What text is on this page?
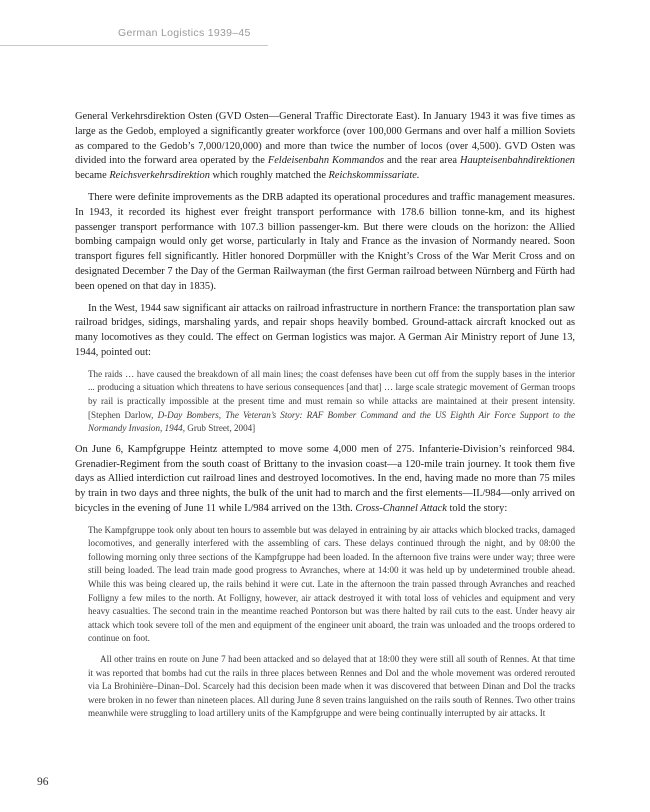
German Logistics 1939–45

General Verkehrsdirektion Osten (GVD Osten—General Traffic Directorate East). In January 1943 it was five times as large as the Gedob, employed a significantly greater workforce (over 100,000 Germans and over half a million Soviets as compared to the Gedob’s 7,000/120,000) and more than twice the number of locos (over 4,500). GVD Osten was divided into the forward area operated by the Feldeisenbahn Kommandos and the rear area Haupteisenbahndirektionen became Reichsverkehrsdirektion which roughly matched the Reichskommissariate.

There were definite improvements as the DRB adapted its operational procedures and traffic management measures. In 1943, it recorded its highest ever freight transport performance with 178.6 billion tonne-km, and its highest passenger transport performance with 107.3 billion passenger-km. But there were clouds on the horizon: the Allied bombing campaign would only get worse, particularly in Italy and France as the invasion of Normandy neared. Soon transport figures fell significantly. Hitler honored Dorpmüller with the Knight’s Cross of the War Merit Cross and on designated December 7 the Day of the German Railwayman (the first German railroad between Nürnberg and Fürth had been opened on that day in 1835).

In the West, 1944 saw significant air attacks on railroad infrastructure in northern France: the transportation plan saw railroad bridges, sidings, marshaling yards, and repair shops heavily bombed. Ground-attack aircraft knocked out as many locomotives as they could. The effect on German logistics was major. A German Air Ministry report of June 13, 1944, pointed out:

The raids … have caused the breakdown of all main lines; the coast defenses have been cut off from the supply bases in the interior ... producing a situation which threatens to have serious consequences [and that] … large scale strategic movement of German troops by rail is practically impossible at the present time and must remain so while attacks are maintained at their present intensity. [Stephen Darlow, D-Day Bombers, The Veteran’s Story: RAF Bomber Command and the US Eighth Air Force Support to the Normandy Invasion, 1944, Grub Street, 2004]

On June 6, Kampfgruppe Heintz attempted to move some 4,000 men of 275. Infanterie-Division’s reinforced 984. Grenadier-Regiment from the south coast of Brittany to the invasion coast—a 120-mile train journey. It took them five days as Allied interdiction cut railroad lines and destroyed locomotives. In the end, having made no more than 75 miles by train in two days and three nights, the bulk of the unit had to march and the first elements—II./984—only arrived on bicycles in the evening of June 11 while I./984 arrived on the 13th. Cross-Channel Attack told the story:

The Kampfgruppe took only about ten hours to assemble but was delayed in entraining by air attacks which blocked tracks, damaged locomotives, and generally interfered with the assembling of cars. These delays continued through the night, and by 08:00 the following morning only three sections of the Kampfgruppe had been loaded. In the afternoon five trains were under way; three were still being loaded. The lead train made good progress to Avranches, where at 14:00 it was held up by undetermined trouble ahead. While this was being cleared up, the rails behind it were cut. Late in the afternoon the train passed through Avranches and reached Folligny a few miles to the north. At Folligny, however, air attack destroyed it with total loss of vehicles and equipment and very heavy casualties. The second train in the meantime reached Pontorson but was there halted by rail cuts to the east. Under heavy air attack which took severe toll of the men and equipment of the engineer unit aboard, the train was unloaded and the troops ordered to continue on foot.

All other trains en route on June 7 had been attacked and so delayed that at 18:00 they were still all south of Rennes. At that time it was reported that bombs had cut the rails in three places between Rennes and Dol and the whole movement was ordered rerouted via La Brohinière–Dinan–Dol. Scarcely had this decision been made when it was discovered that between Dinan and Dol the tracks were broken in no fewer than nineteen places. All during June 8 seven trains languished on the rails south of Rennes. Two other trains meanwhile were struggling to load artillery units of the Kampfgruppe and were being continually interrupted by air attacks. It

96
